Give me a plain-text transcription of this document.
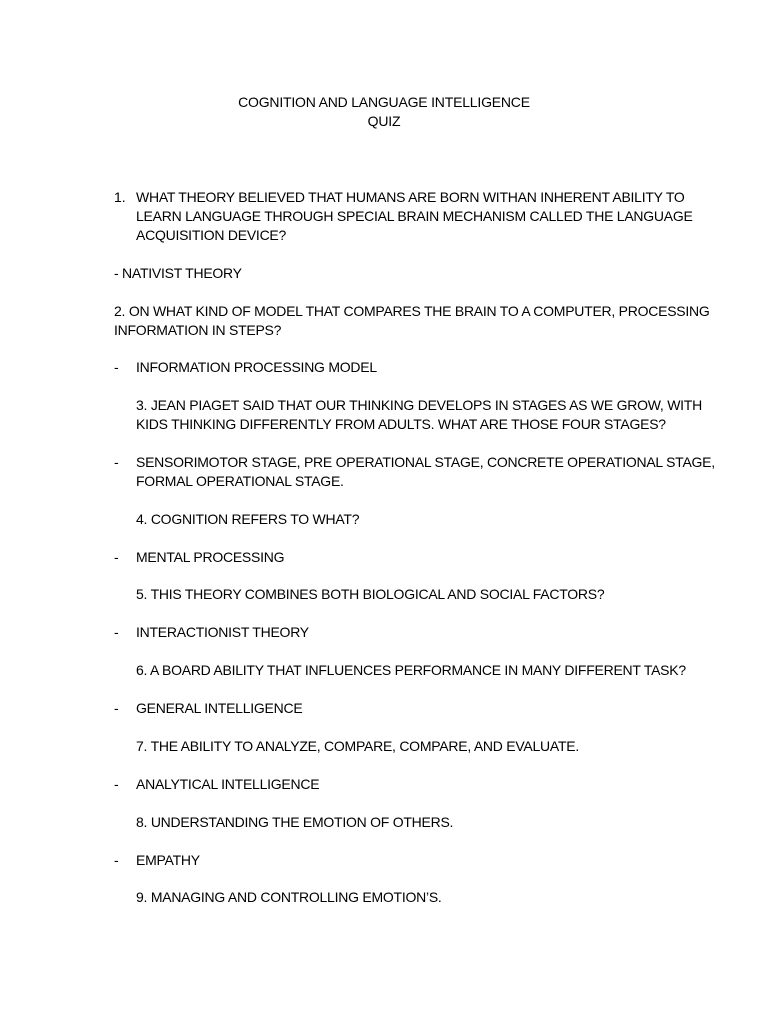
COGNITION AND LANGUAGE INTELLIGENCE
QUIZ
1. WHAT THEORY BELIEVED THAT HUMANS ARE BORN WITHAN INHERENT ABILITY TO
LEARN LANGUAGE THROUGH SPECIAL BRAIN MECHANISM CALLED THE LANGUAGE
ACQUISITION DEVICE?
- NATIVIST THEORY
2. ON WHAT KIND OF MODEL THAT COMPARES THE BRAIN TO A COMPUTER, PROCESSING
INFORMATION IN STEPS?
- INFORMATION PROCESSING MODEL
3. JEAN PIAGET SAID THAT OUR THINKING DEVELOPS IN STAGES AS WE GROW, WITH
KIDS THINKING DIFFERENTLY FROM ADULTS. WHAT ARE THOSE FOUR STAGES?
- SENSORIMOTOR STAGE, PRE OPERATIONAL STAGE, CONCRETE OPERATIONAL STAGE,
FORMAL OPERATIONAL STAGE.
4. COGNITION REFERS TO WHAT?
- MENTAL PROCESSING
5. THIS THEORY COMBINES BOTH BIOLOGICAL AND SOCIAL FACTORS?
- INTERACTIONIST THEORY
6. A BOARD ABILITY THAT INFLUENCES PERFORMANCE IN MANY DIFFERENT TASK?
- GENERAL INTELLIGENCE
7. THE ABILITY TO ANALYZE, COMPARE, COMPARE, AND EVALUATE.
- ANALYTICAL INTELLIGENCE
8. UNDERSTANDING THE EMOTION OF OTHERS.
- EMPATHY
9. MANAGING AND CONTROLLING EMOTION’S.
